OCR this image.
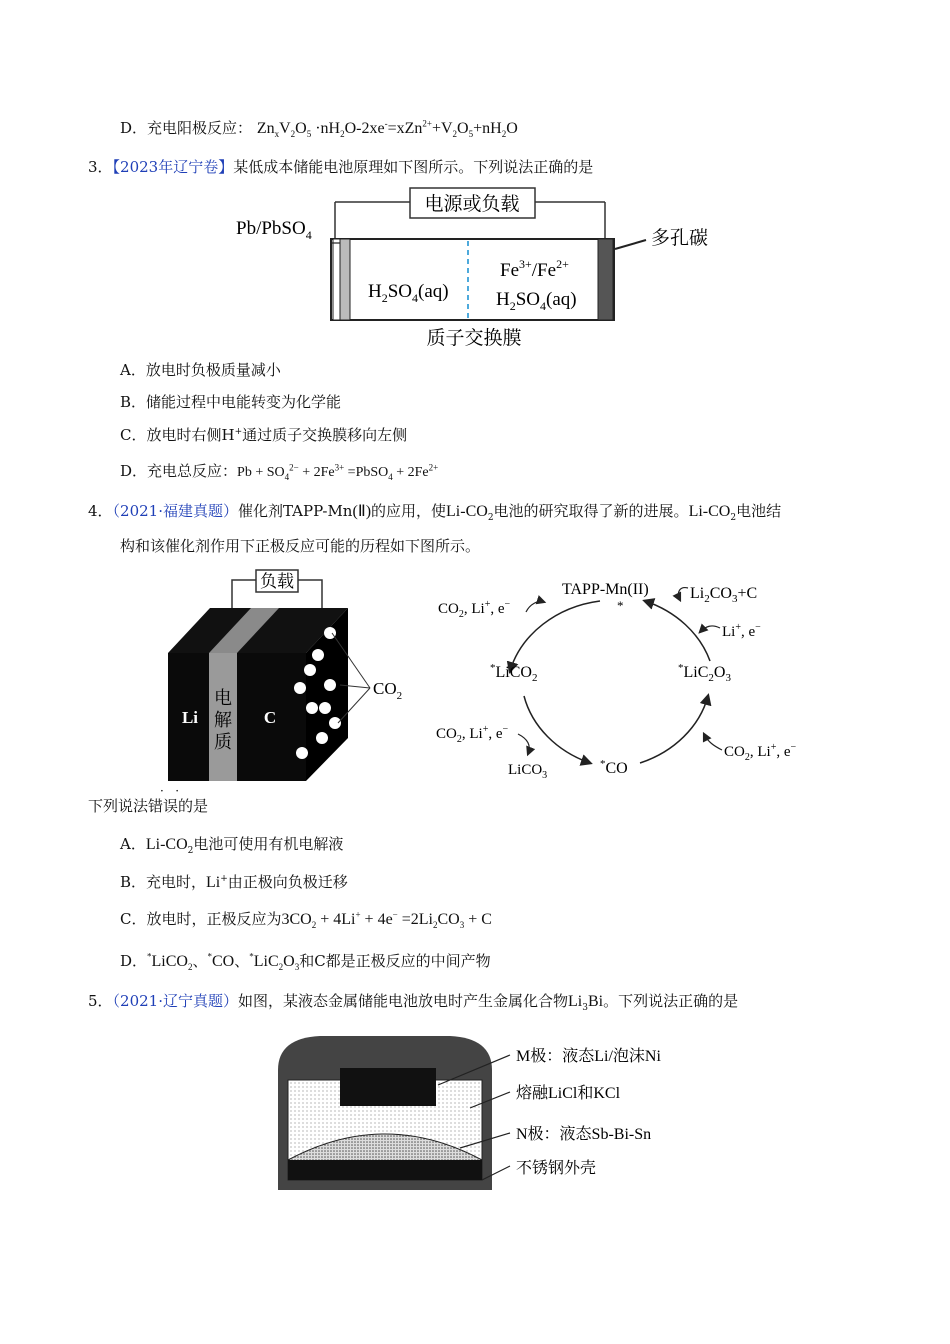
D．充电阳极反应： $Zn_xV_2O_5 \cdot nH_2O-2xe^-=xZn^{2+}+V_2O_5+nH_2O$
3．【2023年辽宁卷】某低成本储能电池原理如下图所示。下列说法正确的是
电源或负载
Pb/PbSO$_4$	多孔碳
$H_2SO_4(aq)$
$Fe^{3+}/Fe^{2+}$
$H_2SO_4(aq)$
质子交换膜
A．放电时负极质量减小
B．储能过程中电能转变为化学能
C．放电时右侧H+通过质子交换膜移向左侧
D．充电总反应：$Pb + SO_4^{2-} + 2Fe^{3+}$ =PbSO$_4$ + $2Fe^{2+}$
4．（2021·福建真题）催化剂TAPP-Mn(Ⅱ)的应用，使$Li-CO_2$电池的研究取得了新的进展。$Li-CO_2$电池结
构和该催化剂作用下正极反应可能的历程如下图所示。
负载
Li
电
解
质
C
$CO_2$
TAPP-Mn(II)
*
$CO_2$, Li+, e−
$Li_2CO_3+C$
Li+, e−
*LiCO$_2$
$^*LiC_2O_3$
$CO_2$, Li+, e−
LiCO$_3$
*CO
$CO_2$, Li+, e−
·   ·
下列说法错误的是
A．$Li-CO_2$电池可使用有机电解液
B．充电时，Li+由正极向负极迁移
C．放电时，正极反应为$3CO_2 + 4Li^+ + 4e^- =2Li_2CO_3 + C$
D．*LiCO$_2$、*CO、$^*LiC_2O_3$和C都是正极反应的中间产物
5．（2021·辽宁真题）如图，某液态金属储能电池放电时产生金属化合物$Li_3Bi$。下列说法正确的是
M极：液态Li/泡沫Ni
熔融LiCl和KCl
N极：液态Sb-Bi-Sn
不锈钢外壳
